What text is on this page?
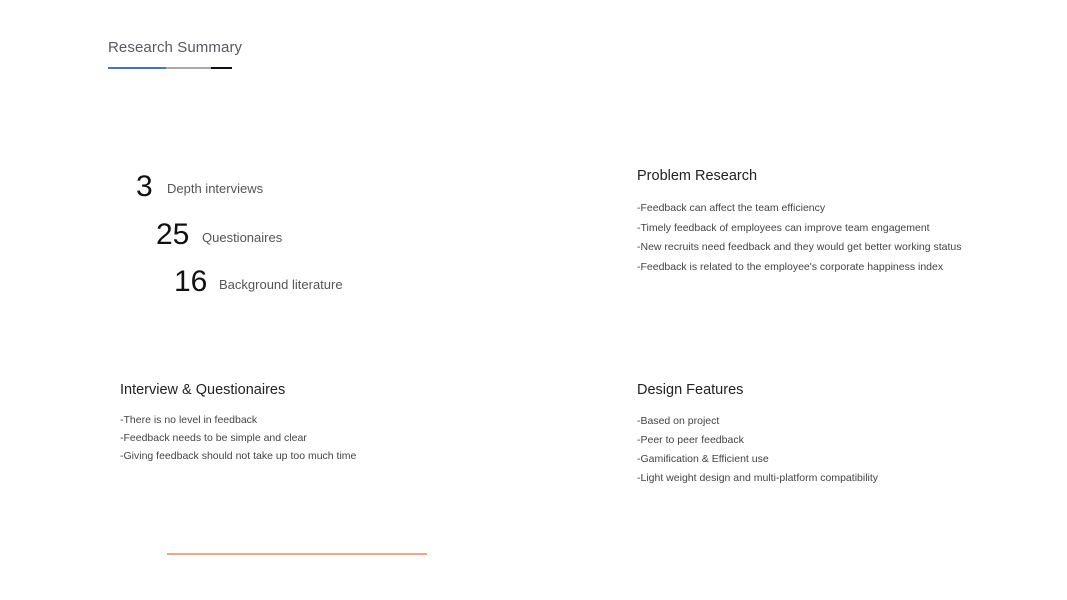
Research Summary
3 Depth interviews
25 Questionaires
16 Background literature
Problem Research
-Feedback can affect the team efficiency
-Timely feedback of employees can improve team engagement
-New recruits need feedback and they would get better working status
-Feedback is related to the employee's corporate happiness index
Interview & Questionaires
-There is no level in feedback
-Feedback needs to be simple and clear
-Giving feedback should not take up too much time
Design Features
-Based on project
-Peer to peer feedback
-Gamification & Efficient use
-Light weight design and multi-platform compatibility
